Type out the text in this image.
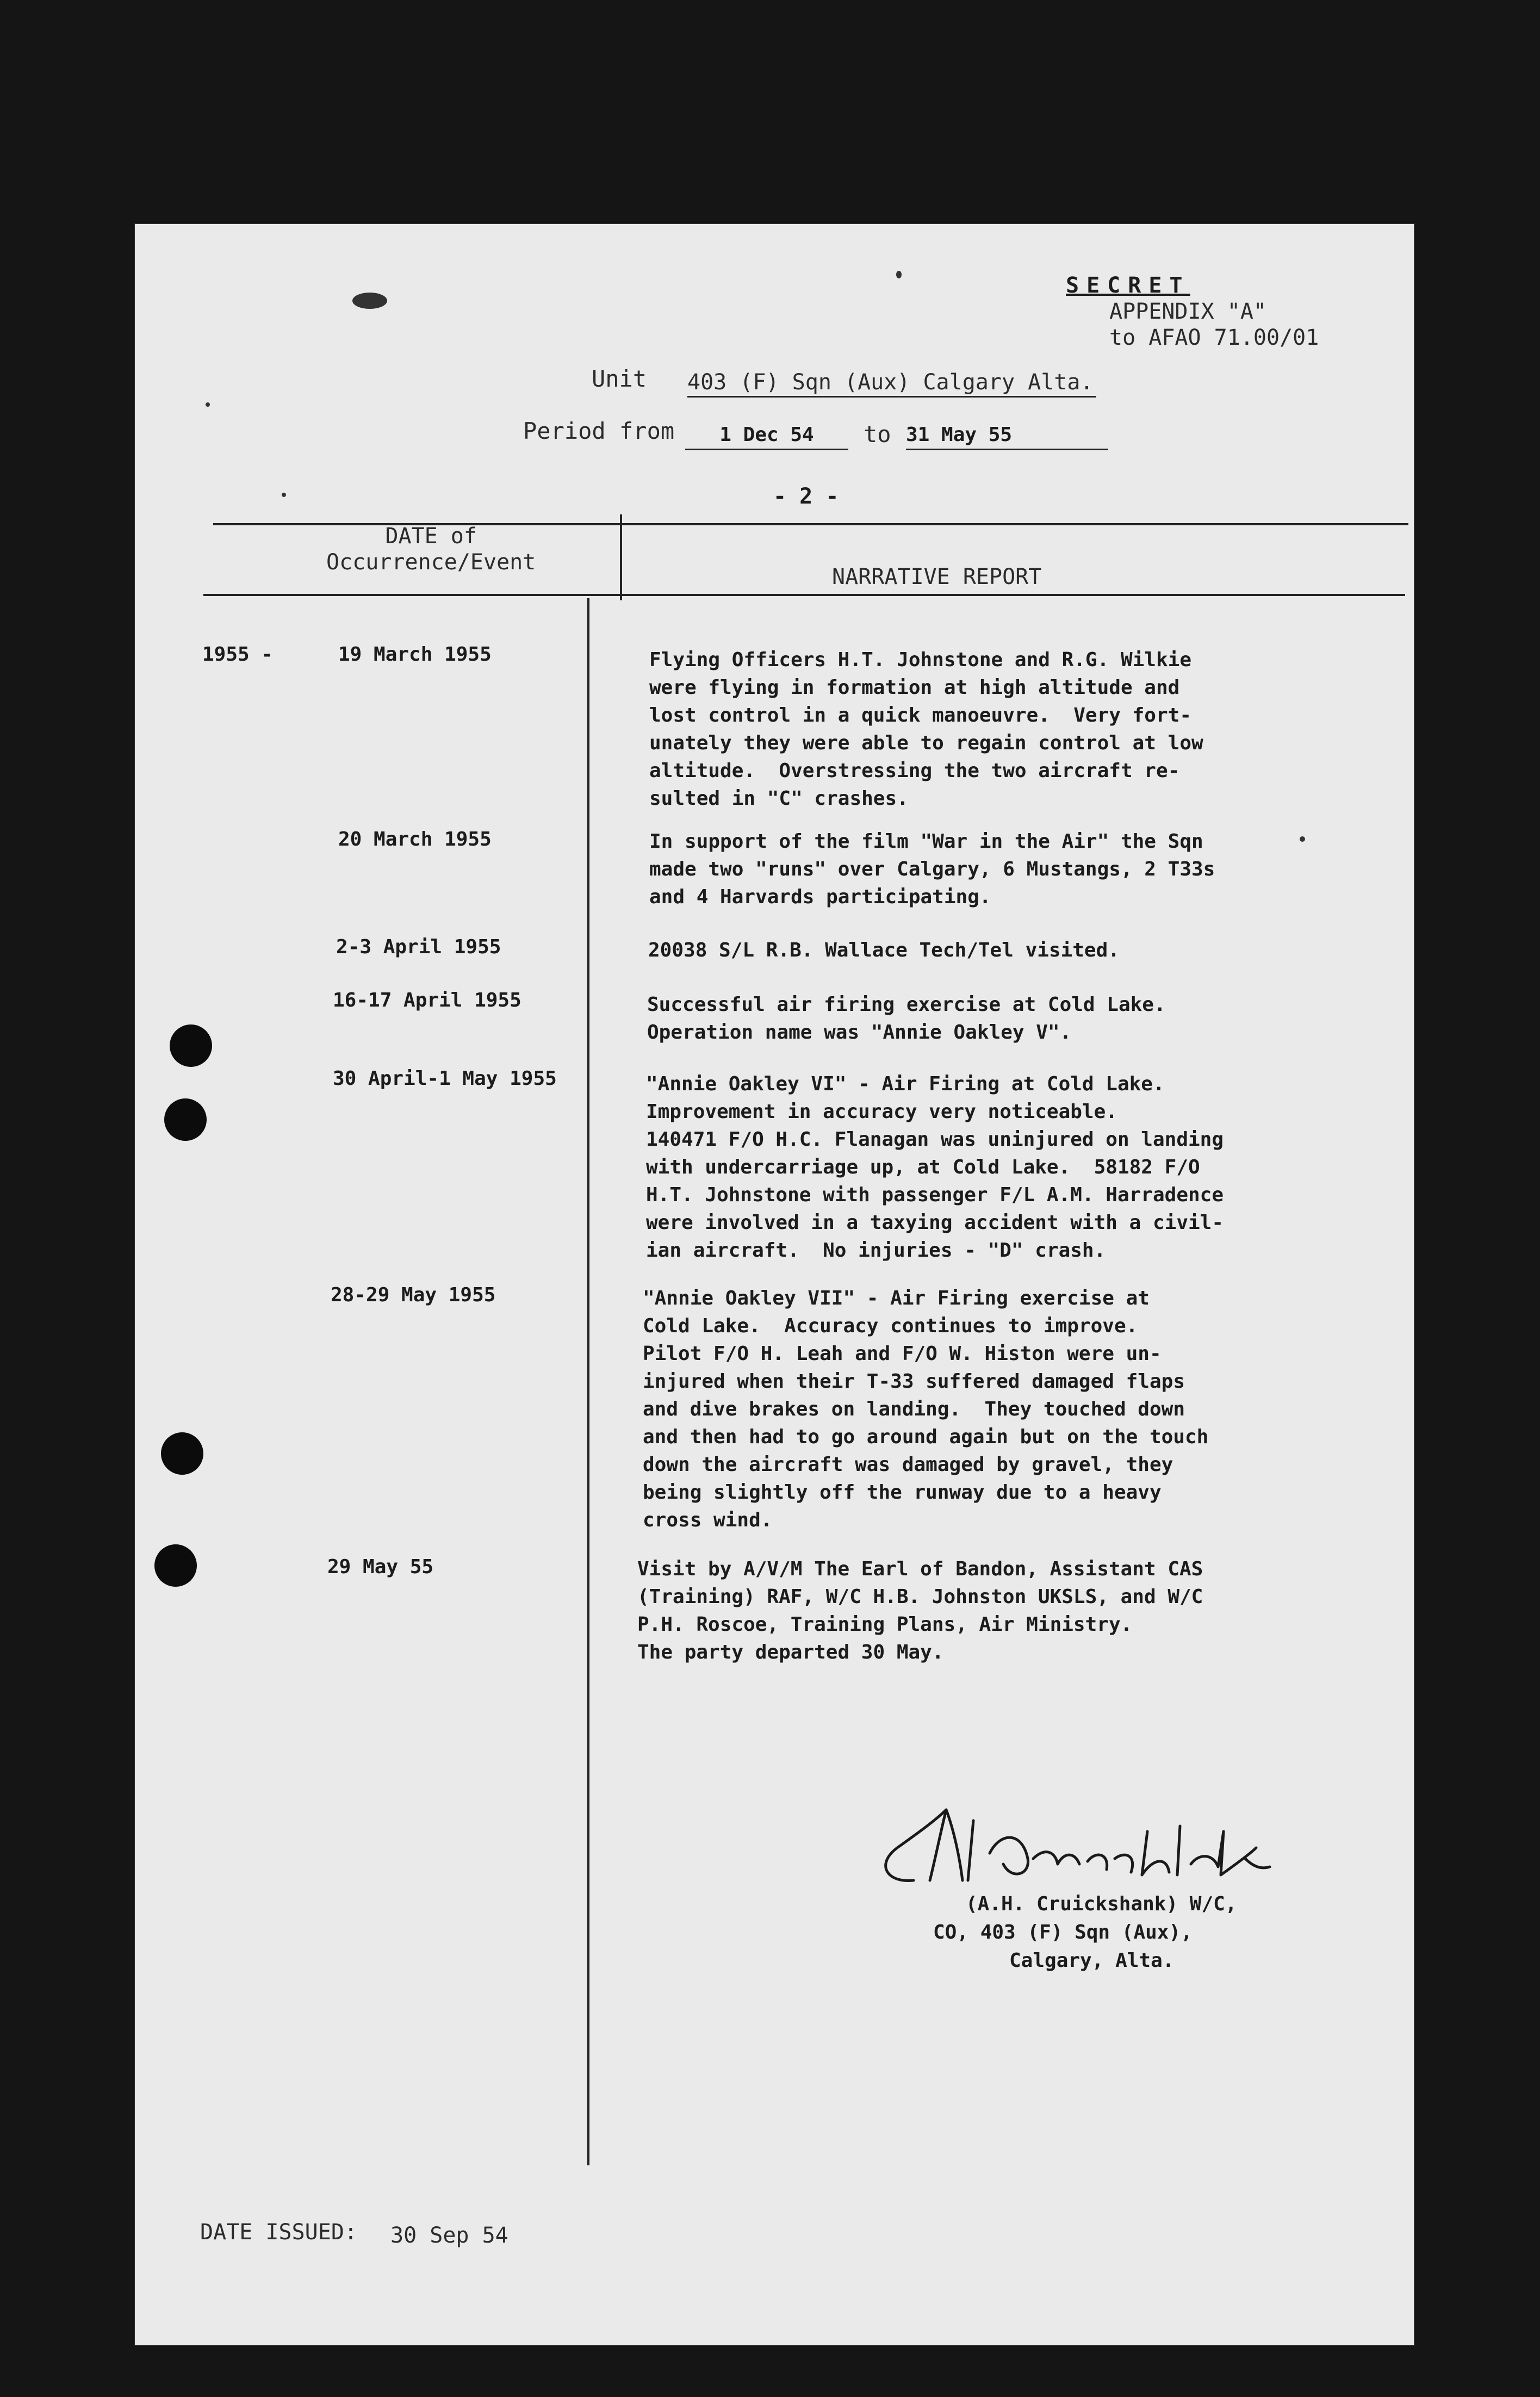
SECRET
APPENDIX "A"
to AFAO 71.00/01
Unit 403 (F) Sqn (Aux) Calgary Alta.
Period from	1 Dec 54	to 31 May 55
- 2 -
DATE of
Occurrence/Event
NARRATIVE REPORT
1955 -	19 March 1955	Flying Officers H.T. Johnstone and R.G. Wilkie
were flying in formation at high altitude and
lost control in a quick manoeuvre.  Very fort-
unately they were able to regain control at low
altitude.  Overstressing the two aircraft re-
sulted in "C" crashes.
20 March 1955	In support of the film "War in the Air" the Sqn
made two "runs" over Calgary, 6 Mustangs, 2 T33s
and 4 Harvards participating.
2-3 April 1955	20038 S/L R.B. Wallace Tech/Tel visited.
16-17 April 1955	Successful air firing exercise at Cold Lake.
Operation name was "Annie Oakley V".
30 April-1 May 1955	"Annie Oakley VI" - Air Firing at Cold Lake.
Improvement in accuracy very noticeable.
140471 F/O H.C. Flanagan was uninjured on landing
with undercarriage up, at Cold Lake.  58182 F/O
H.T. Johnstone with passenger F/L A.M. Harradence
were involved in a taxying accident with a civil-
ian aircraft.  No injuries - "D" crash.
28-29 May 1955	"Annie Oakley VII" - Air Firing exercise at
Cold Lake.  Accuracy continues to improve.
Pilot F/O H. Leah and F/O W. Histon were un-
injured when their T-33 suffered damaged flaps
and dive brakes on landing.  They touched down
and then had to go around again but on the touch
down the aircraft was damaged by gravel, they
being slightly off the runway due to a heavy
cross wind.
29 May 55	Visit by A/V/M The Earl of Bandon, Assistant CAS
(Training) RAF, W/C H.B. Johnston UKSLS, and W/C
P.H. Roscoe, Training Plans, Air Ministry.
The party departed 30 May.
(A.H. Cruickshank) W/C,
CO, 403 (F) Sqn (Aux),
Calgary, Alta.
DATE ISSUED: 30 Sep 54
